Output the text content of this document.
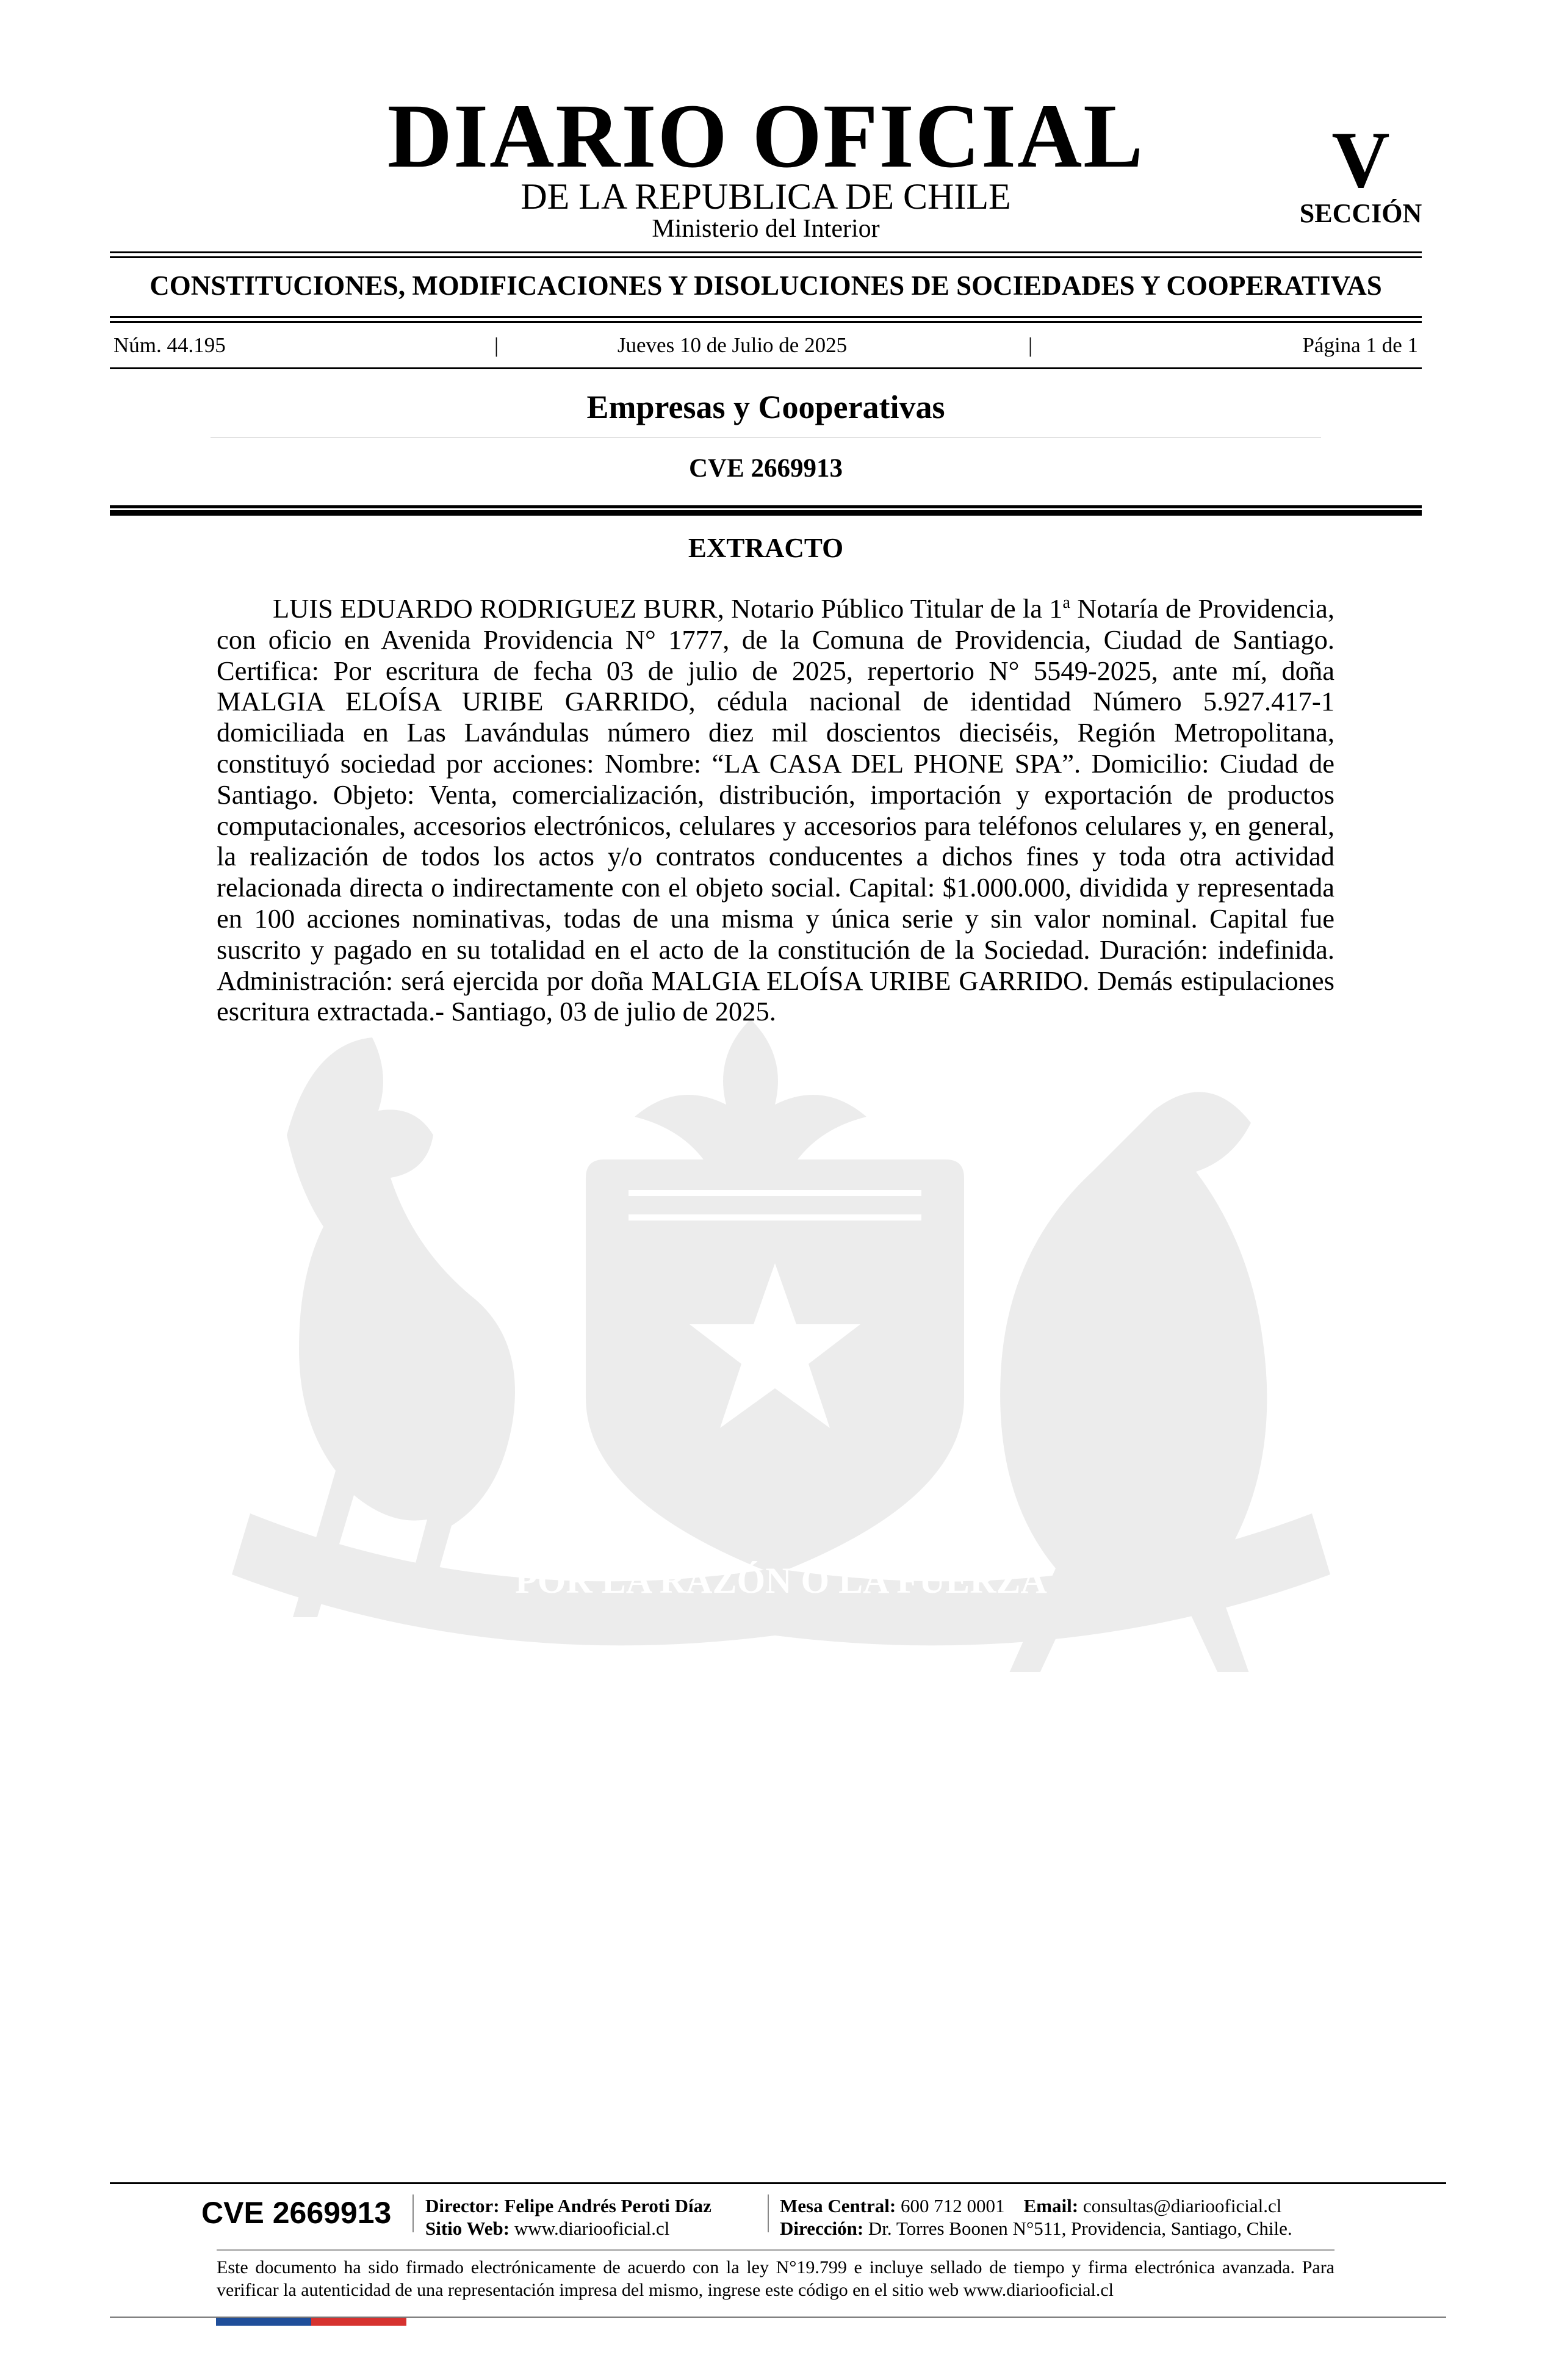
POR LA RAZÓN O LA FUERZA
DIARIO OFICIAL
DE LA REPUBLICA DE CHILE
Ministerio del Interior
V
SECCIÓN
CONSTITUCIONES, MODIFICACIONES Y DISOLUCIONES DE SOCIEDADES Y COOPERATIVAS
Núm. 44.195	|	Jueves 10 de Julio de 2025	|	Página 1 de 1
Empresas y Cooperativas
CVE 2669913
EXTRACTO
LUIS EDUARDO RODRIGUEZ BURR, Notario Público Titular de la 1$^a$ Notaría de Providencia, con oficio en Avenida Providencia N° 1777, de la Comuna de Providencia, Ciudad de Santiago. Certifica: Por escritura de fecha 03 de julio de 2025, repertorio N° 5549-2025, ante mí, doña MALGIA ELOÍSA URIBE GARRIDO, cédula nacional de identidad Número 5.927.417-1 domiciliada en Las Lavándulas número diez mil doscientos dieciséis, Región Metropolitana, constituyó sociedad por acciones: Nombre: “LA CASA DEL PHONE SPA”. Domicilio: Ciudad de Santiago. Objeto: Venta, comercialización, distribución, importación y exportación de productos computacionales, accesorios electrónicos, celulares y accesorios para teléfonos celulares y, en general, la realización de todos los actos y/o contratos conducentes a dichos fines y toda otra actividad relacionada directa o indirectamente con el objeto social. Capital: $1.000.000, dividida y representada en 100 acciones nominativas, todas de una misma y única serie y sin valor nominal. Capital fue suscrito y pagado en su totalidad en el acto de la constitución de la Sociedad. Duración: indefinida. Administración: será ejercida por doña MALGIA ELOÍSA URIBE GARRIDO. Demás estipulaciones escritura extractada.- Santiago, 03 de julio de 2025.
CVE 2669913	Director: Felipe Andrés Peroti Díaz
Sitio Web: www.diariooficial.cl
Mesa Central: 600 712 0001 Email: consultas@diariooficial.cl
Dirección: Dr. Torres Boonen N°511, Providencia, Santiago, Chile.
Este documento ha sido firmado electrónicamente de acuerdo con la ley N°19.799 e incluye sellado de tiempo y firma electrónica avanzada. Para verificar la autenticidad de una representación impresa del mismo, ingrese este código en el sitio web www.diariooficial.cl
